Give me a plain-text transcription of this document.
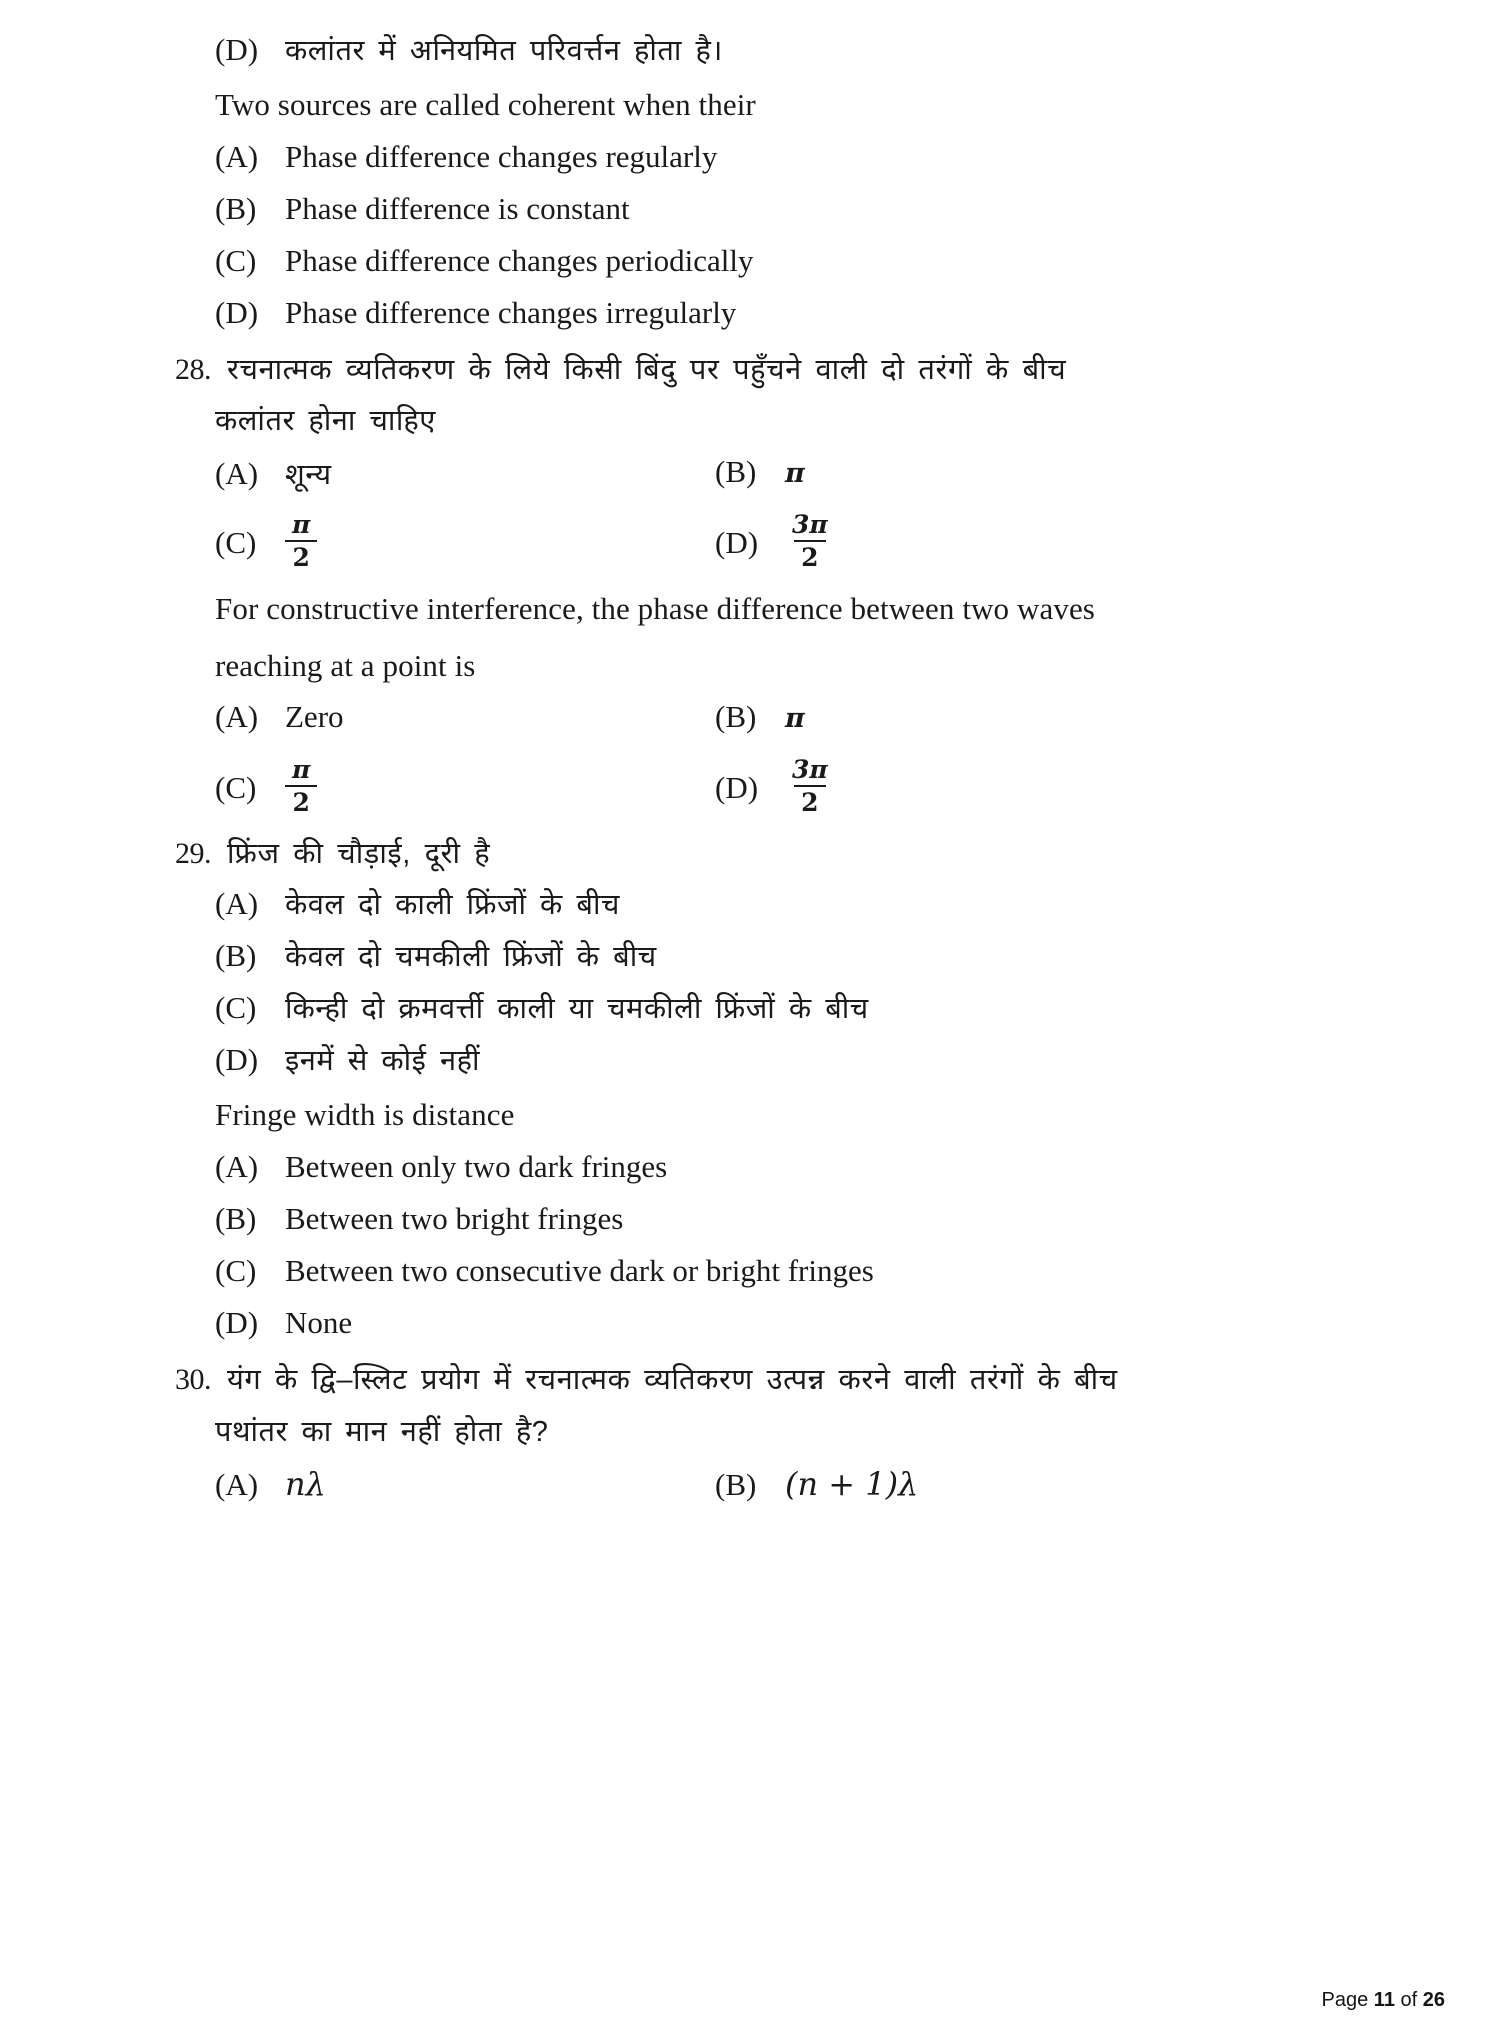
(D) कलांतर में अनियमित परिवर्त्तन होता है।
Two sources are called coherent when their
(A) Phase difference changes regularly
(B) Phase difference is constant
(C) Phase difference changes periodically
(D) Phase difference changes irregularly
28. रचनात्मक व्यतिकरण के लिये किसी बिंदु पर पहुँचने वाली दो तरंगों के बीच
कलांतर होना चाहिए
(A) शून्य	(B)	π
(C)	$\frac{\pi}{2}$	(D)	$\frac{3\pi}{2}$
For constructive interference, the phase difference between two waves
reaching at a point is
(A) Zero	(B)	π
(C)	$\frac{\pi}{2}$	(D)	$\frac{3\pi}{2}$
29. फ्रिंज की चौड़ाई, दूरी है
(A) केवल दो काली फ्रिंजों के बीच
(B) केवल दो चमकीली फ्रिंजों के बीच
(C) किन्ही दो क्रमवर्त्ती काली या चमकीली फ्रिंजों के बीच
(D) इनमें से कोई नहीं
Fringe width is distance
(A) Between only two dark fringes
(B) Between two bright fringes
(C) Between two consecutive dark or bright fringes
(D) None
30. यंग के द्वि–स्लिट प्रयोग में रचनात्मक व्यतिकरण उत्पन्न करने वाली तरंगों के बीच
पथांतर का मान नहीं होता है?
(A) nλ	(B) (n + 1)λ
Page 11 of 26
